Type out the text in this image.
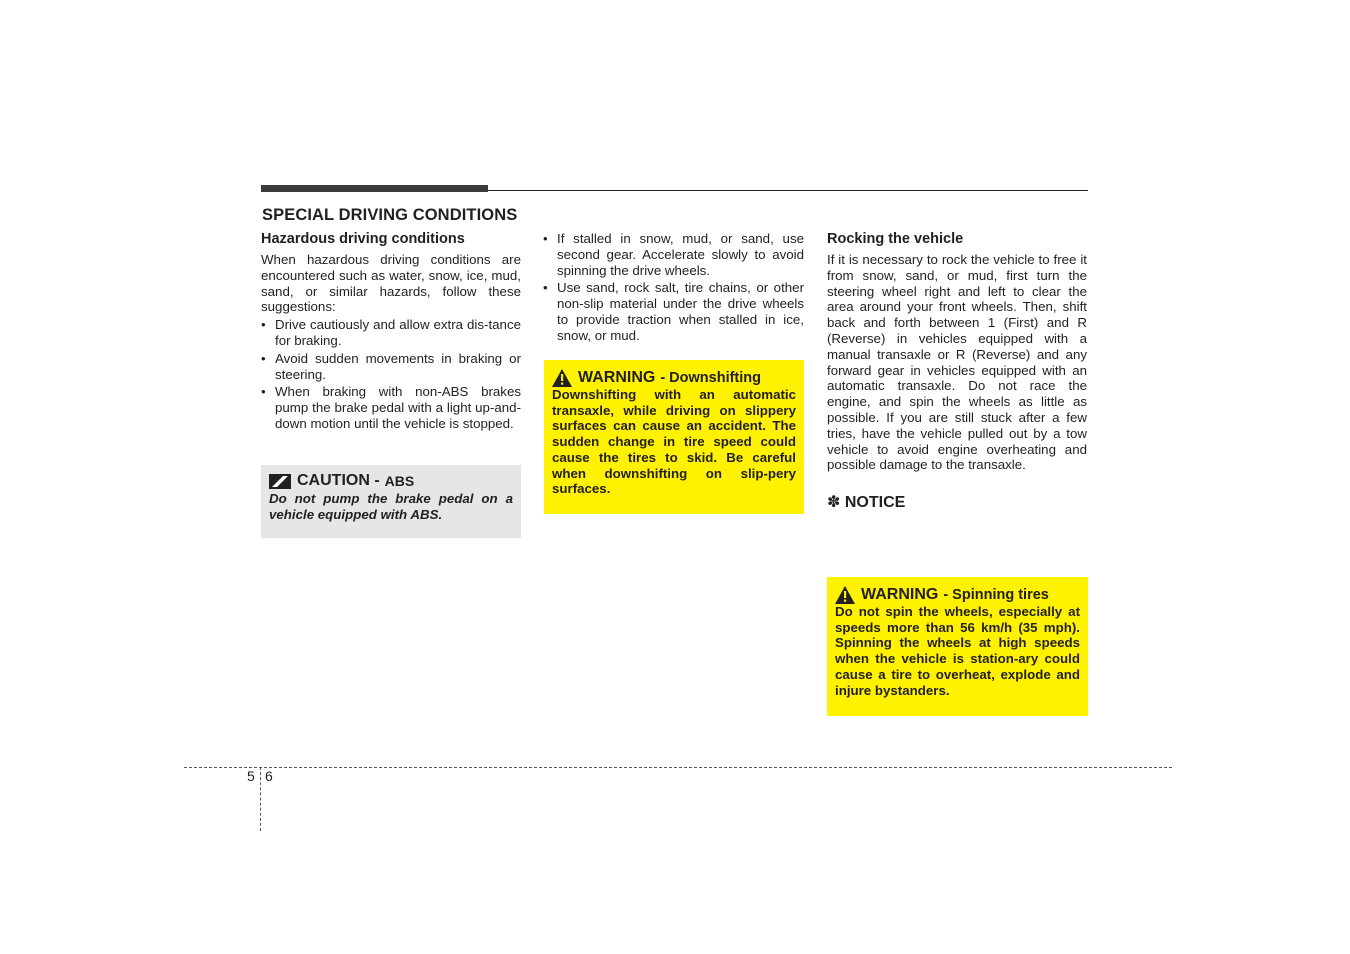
SPECIAL DRIVING CONDITIONS
Hazardous driving conditions
When hazardous driving conditions are encountered such as water, snow, ice, mud, sand, or similar hazards, follow these suggestions:
• Drive cautiously and allow extra dis-tance for braking.
• Avoid sudden movements in braking or steering.
• When braking with non-ABS brakes pump the brake pedal with a light up-and-down motion until the vehicle is stopped.
CAUTION - ABS
Do not pump the brake pedal on a vehicle equipped with ABS.
• If stalled in snow, mud, or sand, use second gear. Accelerate slowly to avoid spinning the drive wheels.
• Use sand, rock salt, tire chains, or other non-slip material under the drive wheels to provide traction when stalled in ice, snow, or mud.
WARNING - Downshifting
Downshifting with an automatic transaxle, while driving on slippery surfaces can cause an accident. The sudden change in tire speed could cause the tires to skid. Be careful when downshifting on slip-pery surfaces.
Rocking the vehicle
If it is necessary to rock the vehicle to free it from snow, sand, or mud, first turn the steering wheel right and left to clear the area around your front wheels. Then, shift back and forth between 1 (First) and R (Reverse) in vehicles equipped with a manual transaxle or R (Reverse) and any forward gear in vehicles equipped with an automatic transaxle. Do not race the engine, and spin the wheels as little as possible. If you are still stuck after a few tries, have the vehicle pulled out by a tow vehicle to avoid engine overheating and possible damage to the transaxle.
✽ NOTICE
WARNING - Spinning tires
Do not spin the wheels, especially at speeds more than 56 km/h (35 mph). Spinning the wheels at high speeds when the vehicle is station-ary could cause a tire to overheat, explode and injure bystanders.
5 6
